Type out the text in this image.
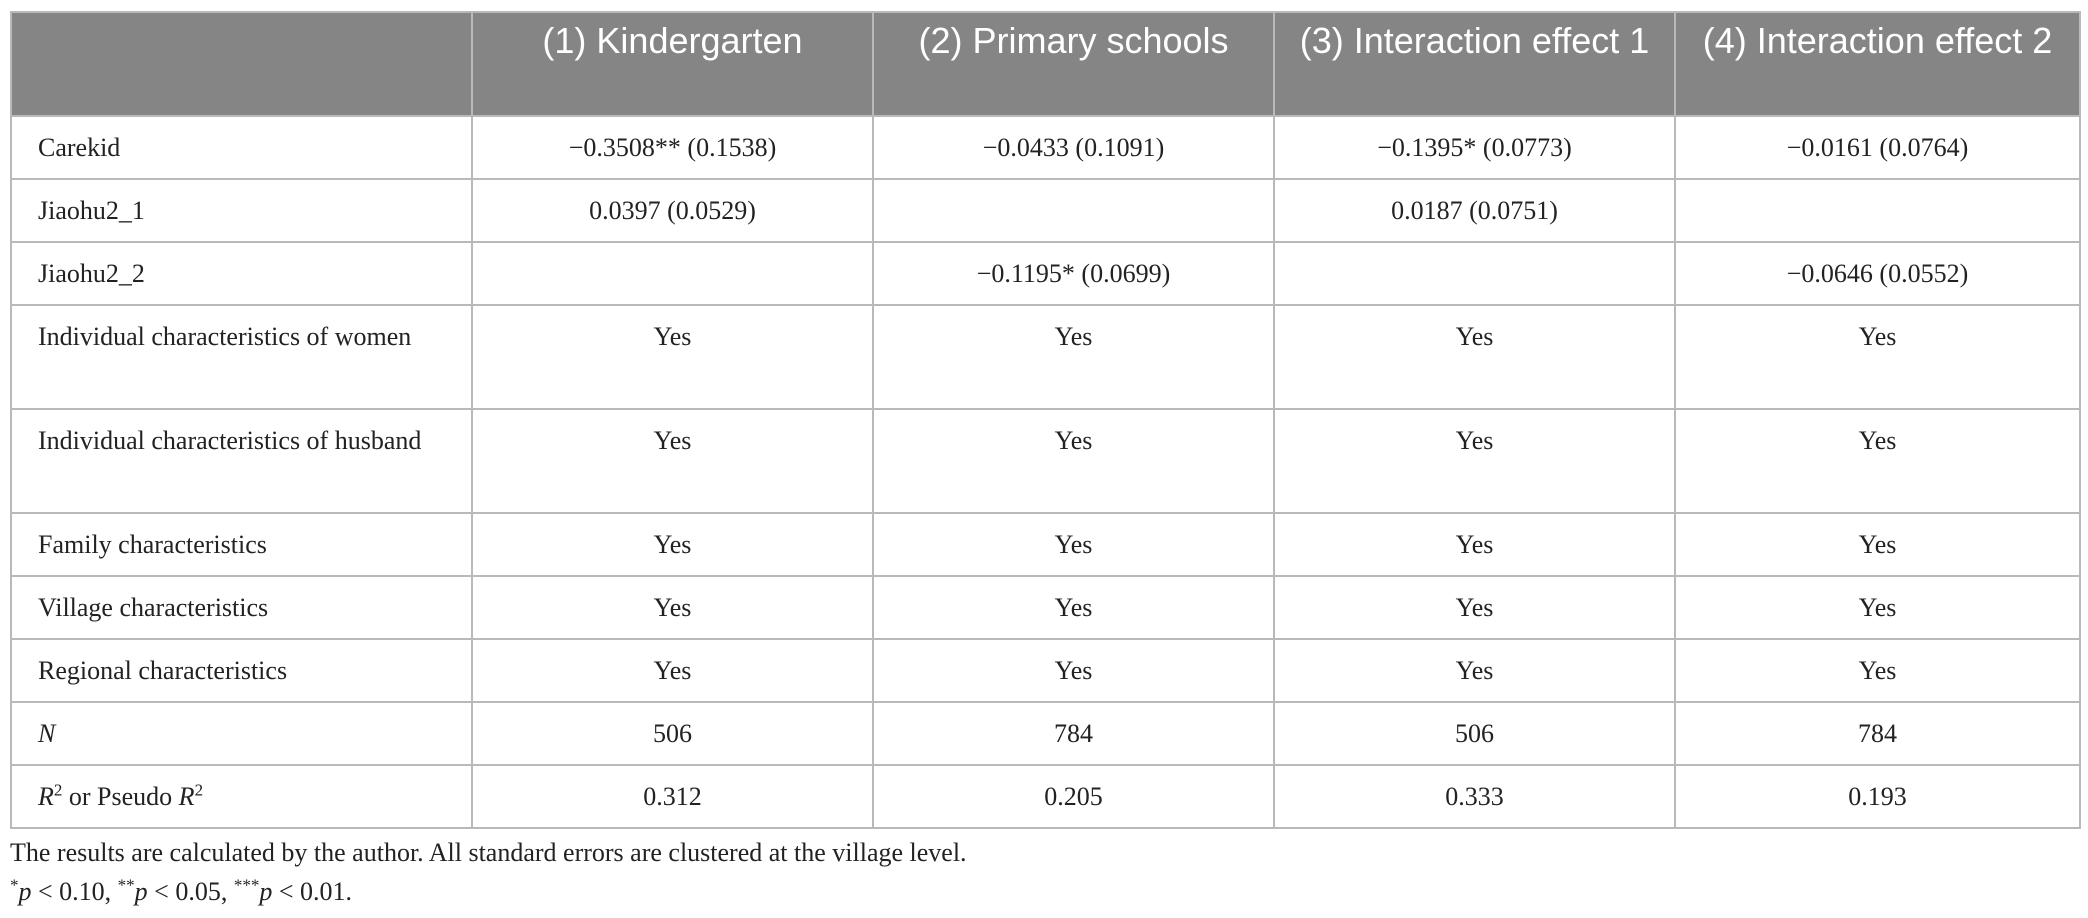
	(1) Kindergarten	(2) Primary schools	(3) Interaction effect 1	(4) Interaction effect 2
Carekid	−0.3508** (0.1538)	−0.0433 (0.1091)	−0.1395* (0.0773)	−0.0161 (0.0764)
Jiaohu2_1	0.0397 (0.0529)		0.0187 (0.0751)	
Jiaohu2_2		−0.1195* (0.0699)		−0.0646 (0.0552)
Individual characteristics of women	Yes	Yes	Yes	Yes
Individual characteristics of husband	Yes	Yes	Yes	Yes
Family characteristics	Yes	Yes	Yes	Yes
Village characteristics	Yes	Yes	Yes	Yes
Regional characteristics	Yes	Yes	Yes	Yes
N	506	784	506	784
$R^2$ or Pseudo $R^2$	0.312	0.205	0.333	0.193
The results are calculated by the author. All standard errors are clustered at the village level.
*p < 0.10, **p < 0.05, ***p < 0.01.
